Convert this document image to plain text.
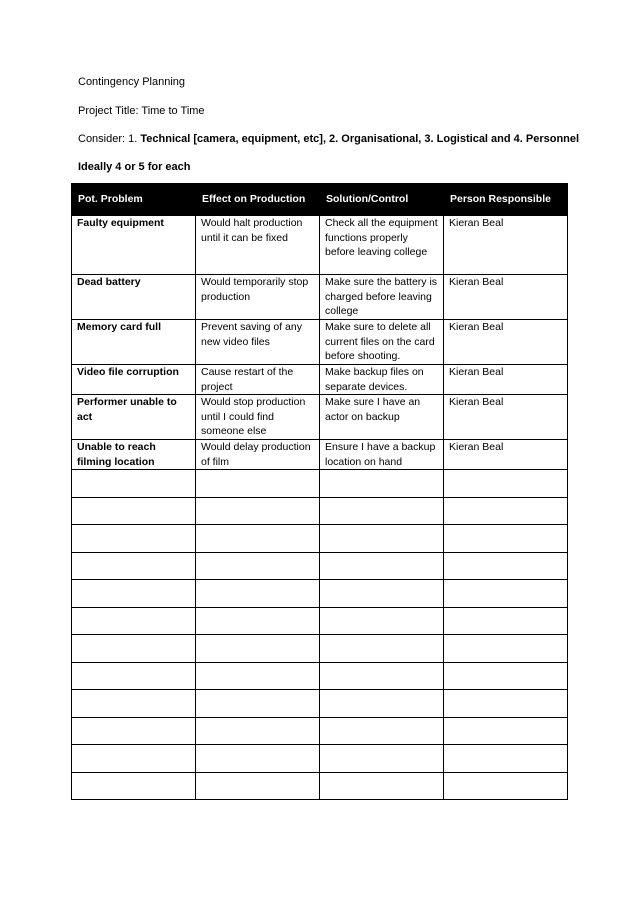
Contingency Planning
Project Title: Time to Time
Consider: 1. Technical [camera, equipment, etc], 2. Organisational, 3. Logistical and 4. Personnel
Ideally 4 or 5 for each
Pot. Problem	Effect on Production	Solution/Control	Person Responsible
Faulty equipment	Would halt production until it can be fixed	Check all the equipment functions properly before leaving college	Kieran Beal
Dead battery	Would temporarily stop production	Make sure the battery is charged before leaving college	Kieran Beal
Memory card full	Prevent saving of any new video files	Make sure to delete all current files on the card before shooting.	Kieran Beal
Video file corruption	Cause restart of the project	Make backup files on separate devices.	Kieran Beal
Performer unable to act	Would stop production until I could find someone else	Make sure I have an actor on backup	Kieran Beal
Unable to reach filming location	Would delay production of film	Ensure I have a backup location on hand	Kieran Beal
